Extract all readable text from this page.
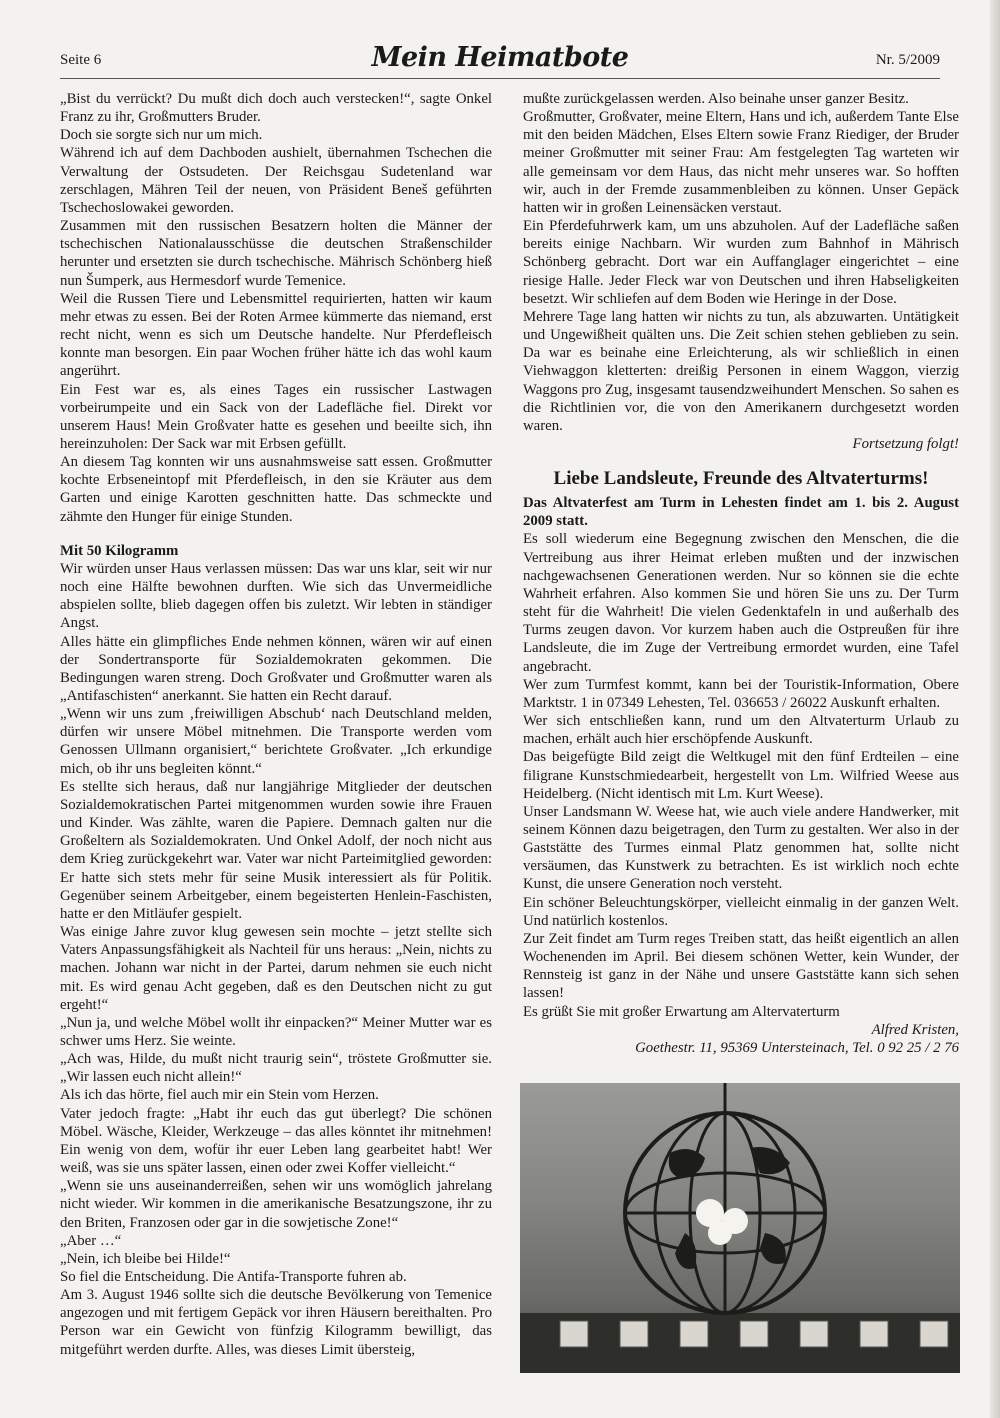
Seite 6	Mein Heimatbote	Nr. 5/2009

„Bist du verrückt? Du mußt dich doch auch verstecken!“, sagte Onkel Franz zu ihr, Großmutters Bruder.

Doch sie sorgte sich nur um mich.

Während ich auf dem Dachboden aushielt, übernahmen Tschechen die Verwaltung der Ostsudeten. Der Reichsgau Sudetenland war zerschlagen, Mähren Teil der neuen, von Präsident Beneš geführten Tschechoslowakei geworden.

Zusammen mit den russischen Besatzern holten die Männer der tschechischen Nationalausschüsse die deutschen Straßenschilder herunter und ersetzten sie durch tschechische. Mährisch Schönberg hieß nun Šumperk, aus Hermesdorf wurde Temenice.

Weil die Russen Tiere und Lebensmittel requirierten, hatten wir kaum mehr etwas zu essen. Bei der Roten Armee kümmerte das niemand, erst recht nicht, wenn es sich um Deutsche handelte. Nur Pferdefleisch konnte man besorgen. Ein paar Wochen früher hätte ich das wohl kaum angerührt.

Ein Fest war es, als eines Tages ein russischer Lastwagen vorbeirumpeite und ein Sack von der Ladefläche fiel. Direkt vor unserem Haus! Mein Großvater hatte es gesehen und beeilte sich, ihn hereinzuholen: Der Sack war mit Erbsen gefüllt.

An diesem Tag konnten wir uns ausnahmsweise satt essen. Großmutter kochte Erbseneintopf mit Pferdefleisch, in den sie Kräuter aus dem Garten und einige Karotten geschnitten hatte. Das schmeckte und zähmte den Hunger für einige Stunden.

Mit 50 Kilogramm

Wir würden unser Haus verlassen müssen: Das war uns klar, seit wir nur noch eine Hälfte bewohnen durften. Wie sich das Unvermeidliche abspielen sollte, blieb dagegen offen bis zuletzt. Wir lebten in ständiger Angst.

Alles hätte ein glimpfliches Ende nehmen können, wären wir auf einen der Sondertransporte für Sozialdemokraten gekommen. Die Bedingungen waren streng. Doch Großvater und Großmutter waren als „Antifaschisten“ anerkannt. Sie hatten ein Recht darauf.

„Wenn wir uns zum ‚freiwilligen Abschub‘ nach Deutschland melden, dürfen wir unsere Möbel mitnehmen. Die Transporte werden vom Genossen Ullmann organisiert,“ berichtete Großvater. „Ich erkundige mich, ob ihr uns begleiten könnt.“

Es stellte sich heraus, daß nur langjährige Mitglieder der deutschen Sozialdemokratischen Partei mitgenommen wurden sowie ihre Frauen und Kinder. Was zählte, waren die Papiere. Demnach galten nur die Großeltern als Sozialdemokraten. Und Onkel Adolf, der noch nicht aus dem Krieg zurückgekehrt war. Vater war nicht Parteimitglied geworden: Er hatte sich stets mehr für seine Musik interessiert als für Politik. Gegenüber seinem Arbeitgeber, einem begeisterten Henlein-Faschisten, hatte er den Mitläufer gespielt.

Was einige Jahre zuvor klug gewesen sein mochte – jetzt stellte sich Vaters Anpassungsfähigkeit als Nachteil für uns heraus: „Nein, nichts zu machen. Johann war nicht in der Partei, darum nehmen sie euch nicht mit. Es wird genau Acht gegeben, daß es den Deutschen nicht zu gut ergeht!“

„Nun ja, und welche Möbel wollt ihr einpacken?“ Meiner Mutter war es schwer ums Herz. Sie weinte.

„Ach was, Hilde, du mußt nicht traurig sein“, tröstete Großmutter sie. „Wir lassen euch nicht allein!“

Als ich das hörte, fiel auch mir ein Stein vom Herzen.

Vater jedoch fragte: „Habt ihr euch das gut überlegt? Die schönen Möbel. Wäsche, Kleider, Werkzeuge – das alles könntet ihr mitnehmen! Ein wenig von dem, wofür ihr euer Leben lang gearbeitet habt! Wer weiß, was sie uns später lassen, einen oder zwei Koffer vielleicht.“

„Wenn sie uns auseinanderreißen, sehen wir uns womöglich jahrelang nicht wieder. Wir kommen in die amerikanische Besatzungszone, ihr zu den Briten, Franzosen oder gar in die sowjetische Zone!“

„Aber …“

„Nein, ich bleibe bei Hilde!“

So fiel die Entscheidung. Die Antifa-Transporte fuhren ab.

Am 3. August 1946 sollte sich die deutsche Bevölkerung von Temenice angezogen und mit fertigem Gepäck vor ihren Häusern bereithalten. Pro Person war ein Gewicht von fünfzig Kilogramm bewilligt, das mitgeführt werden durfte. Alles, was dieses Limit übersteig,

mußte zurückgelassen werden. Also beinahe unser ganzer Besitz.

Großmutter, Großvater, meine Eltern, Hans und ich, außerdem Tante Else mit den beiden Mädchen, Elses Eltern sowie Franz Riediger, der Bruder meiner Großmutter mit seiner Frau: Am festgelegten Tag warteten wir alle gemeinsam vor dem Haus, das nicht mehr unseres war. So hofften wir, auch in der Fremde zusammenbleiben zu können. Unser Gepäck hatten wir in großen Leinensäcken verstaut.

Ein Pferdefuhrwerk kam, um uns abzuholen. Auf der Ladefläche saßen bereits einige Nachbarn. Wir wurden zum Bahnhof in Mährisch Schönberg gebracht. Dort war ein Auffanglager eingerichtet – eine riesige Halle. Jeder Fleck war von Deutschen und ihren Habseligkeiten besetzt. Wir schliefen auf dem Boden wie Heringe in der Dose.

Mehrere Tage lang hatten wir nichts zu tun, als abzuwarten. Untätigkeit und Ungewißheit quälten uns. Die Zeit schien stehen geblieben zu sein. Da war es beinahe eine Erleichterung, als wir schließlich in einen Viehwaggon kletterten: dreißig Personen in einem Waggon, vierzig Waggons pro Zug, insgesamt tausendzweihundert Menschen. So sahen es die Richtlinien vor, die von den Amerikanern durchgesetzt worden waren.

Fortsetzung folgt!

Liebe Landsleute, Freunde des Altvaterturms!

Das Altvaterfest am Turm in Lehesten findet am 1. bis 2. August 2009 statt.

Es soll wiederum eine Begegnung zwischen den Menschen, die die Vertreibung aus ihrer Heimat erleben mußten und der inzwischen nachgewachsenen Generationen werden. Nur so können sie die echte Wahrheit erfahren. Also kommen Sie und hören Sie uns zu. Der Turm steht für die Wahrheit! Die vielen Gedenktafeln in und außerhalb des Turms zeugen davon. Vor kurzem haben auch die Ostpreußen für ihre Landsleute, die im Zuge der Vertreibung ermordet wurden, eine Tafel angebracht.

Wer zum Turmfest kommt, kann bei der Touristik-Information, Obere Marktstr. 1 in 07349 Lehesten, Tel. 036653 / 26022 Auskunft erhalten.

Wer sich entschließen kann, rund um den Altvaterturm Urlaub zu machen, erhält auch hier erschöpfende Auskunft.

Das beigefügte Bild zeigt die Weltkugel mit den fünf Erdteilen – eine filigrane Kunstschmiedearbeit, hergestellt von Lm. Wilfried Weese aus Heidelberg. (Nicht identisch mit Lm. Kurt Weese).

Unser Landsmann W. Weese hat, wie auch viele andere Handwerker, mit seinem Können dazu beigetragen, den Turm zu gestalten. Wer also in der Gaststätte des Turmes einmal Platz genommen hat, sollte nicht versäumen, das Kunstwerk zu betrachten. Es ist wirklich noch echte Kunst, die unsere Generation noch versteht.

Ein schöner Beleuchtungskörper, vielleicht einmalig in der ganzen Welt. Und natürlich kostenlos.

Zur Zeit findet am Turm reges Treiben statt, das heißt eigentlich an allen Wochenenden im April. Bei diesem schönen Wetter, kein Wunder, der Rennsteig ist ganz in der Nähe und unsere Gaststätte kann sich sehen lassen!

Es grüßt Sie mit großer Erwartung am Altervaterturm

Alfred Kristen,

Goethestr. 11, 95369 Untersteinach, Tel. 0 92 25 / 2 76
